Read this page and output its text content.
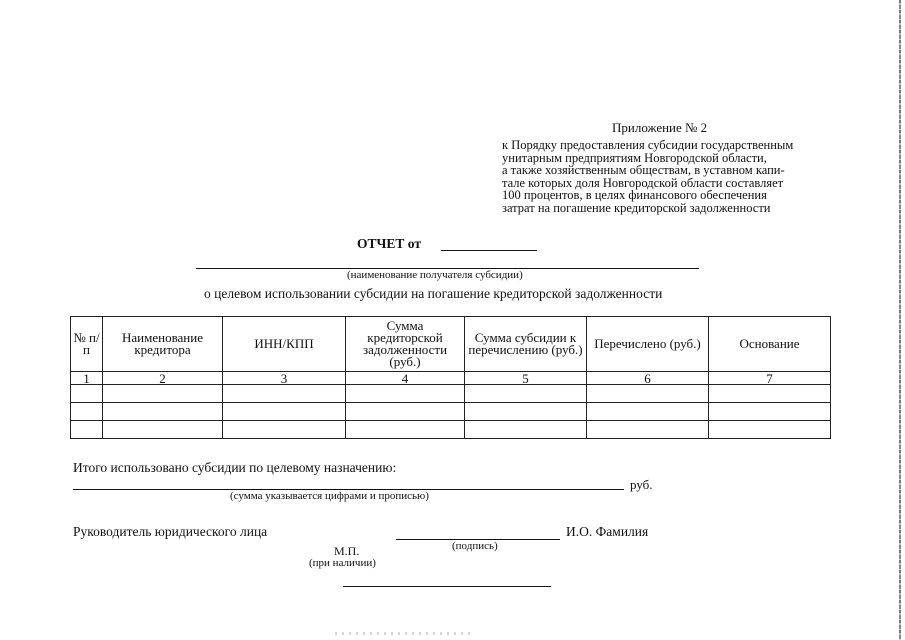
Приложение № 2
к Порядку предоставления субсидии государственным
унитарным предприятиям Новгородской области,
а также хозяйственным обществам, в уставном капи-
тале которых доля Новгородской области составляет
100 процентов, в целях финансового обеспечения
затрат на погашение кредиторской задолженности
ОТЧЕТ от
(наименование получателя субсидии)
о целевом использовании субсидии на погашение кредиторской задолженности
№ п/п	Наименование кредитора	ИНН/КПП	Сумма кредиторской задолженности (руб.)	Сумма субсидии к перечислению (руб.)	Перечислено (руб.)	Основание
1	2	3	4	5	6	7

Итого использовано субсидии по целевому назначению:
руб.
(сумма указывается цифрами и прописью)
Руководитель юридического лица	И.О. Фамилия
(подпись)
М.П.
(при наличии)
